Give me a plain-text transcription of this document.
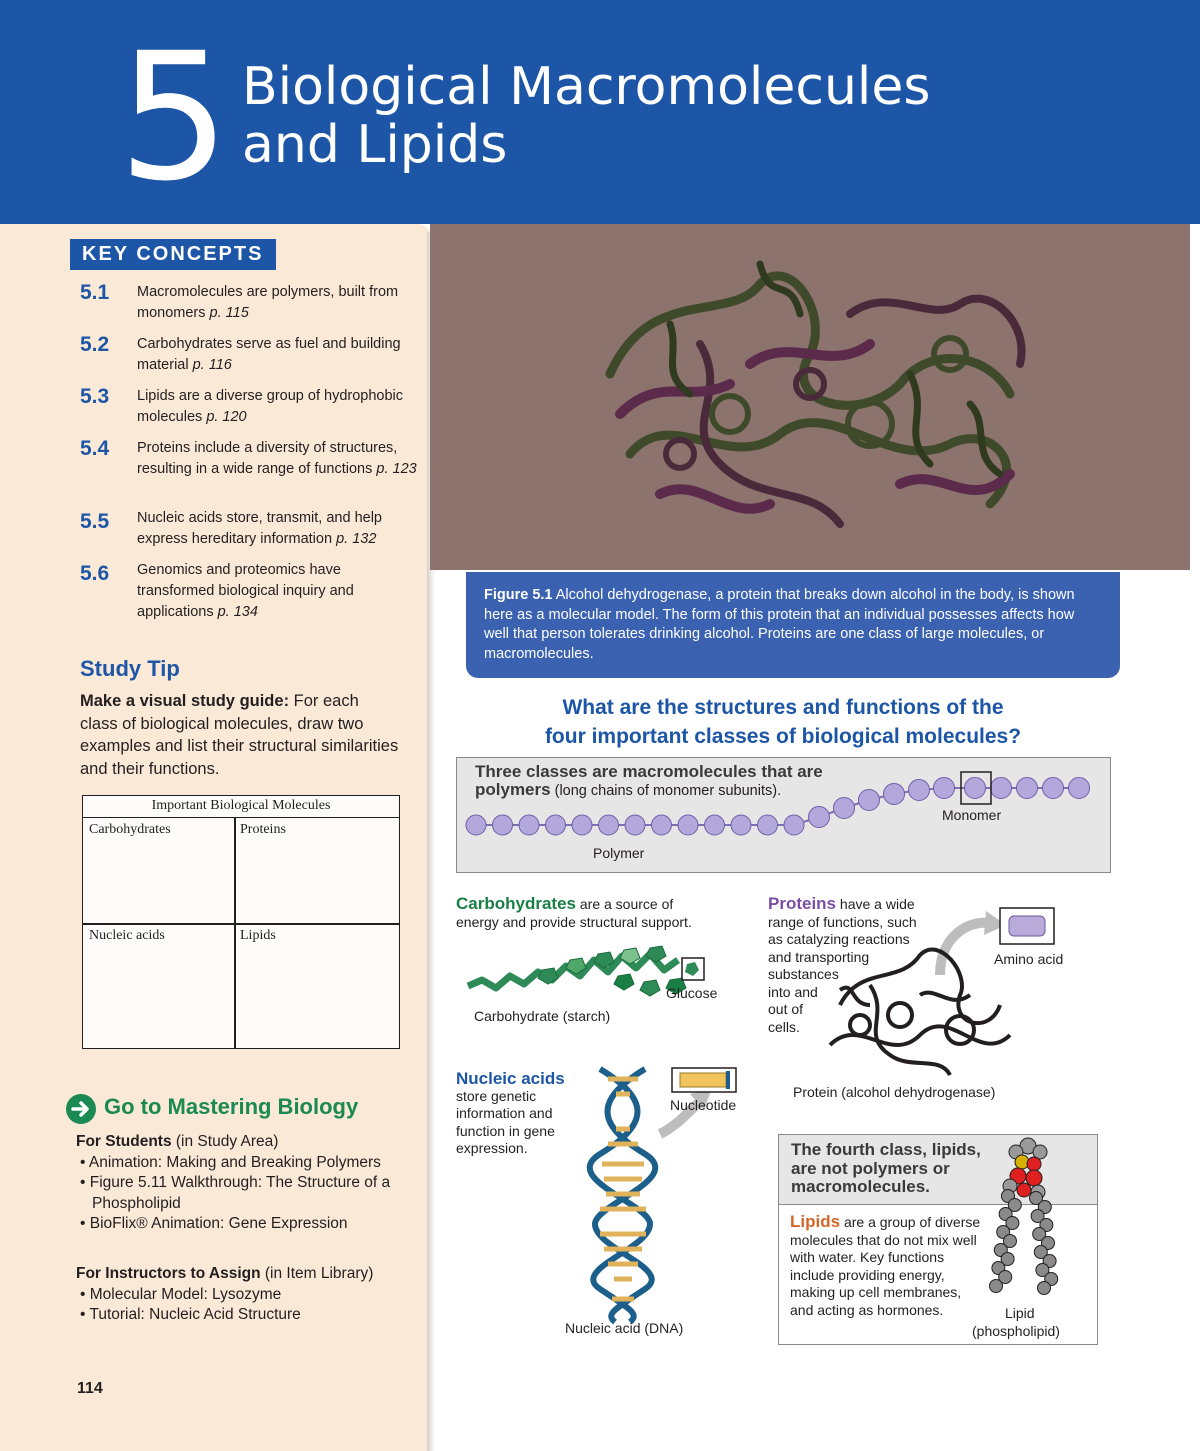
5 Biological Macromolecules
and Lipids
KEY CONCEPTS
5.1 Macromolecules are polymers, built from monomers p. 115
5.2 Carbohydrates serve as fuel and building material p. 116
5.3 Lipids are a diverse group of hydrophobic molecules p. 120
5.4 Proteins include a diversity of structures, resulting in a wide range of functions p. 123
5.5 Nucleic acids store, transmit, and help express hereditary information p. 132
5.6 Genomics and proteomics have transformed biological inquiry and applications p. 134
Study Tip
Make a visual study guide: For each class of biological molecules, draw two examples and list their structural similarities and their functions.
Important Biological Molecules
Carbohydrates	Proteins
Nucleic acids	Lipids
Go to Mastering Biology
For Students (in Study Area)
• Animation: Making and Breaking Polymers
• Figure 5.11 Walkthrough: The Structure of a Phospholipid
• BioFlix® Animation: Gene Expression
For Instructors to Assign (in Item Library)
• Molecular Model: Lysozyme
• Tutorial: Nucleic Acid Structure
114
Figure 5.1 Alcohol dehydrogenase, a protein that breaks down alcohol in the body, is shown here as a molecular model. The form of this protein that an individual possesses affects how well that person tolerates drinking alcohol. Proteins are one class of large molecules, or macromolecules.
What are the structures and functions of the
four important classes of biological molecules?
Three classes are macromolecules that are
polymers (long chains of monomer subunits).
Monomer
Polymer
Carbohydrates are a source of energy and provide structural support.
Glucose
Carbohydrate (starch)
Proteins have a wide
range of functions, such
as catalyzing reactions
and transporting
substances
into and
out of
cells.
Amino acid
Protein (alcohol dehydrogenase)
Nucleic acids
store genetic
information and
function in gene
expression.
Nucleotide
Nucleic acid (DNA)
The fourth class, lipids, are not polymers or macromolecules.
Lipids are a group of diverse molecules that do not mix well with water. Key functions include providing energy, making up cell membranes, and acting as hormones.	Lipid
(phospholipid)
